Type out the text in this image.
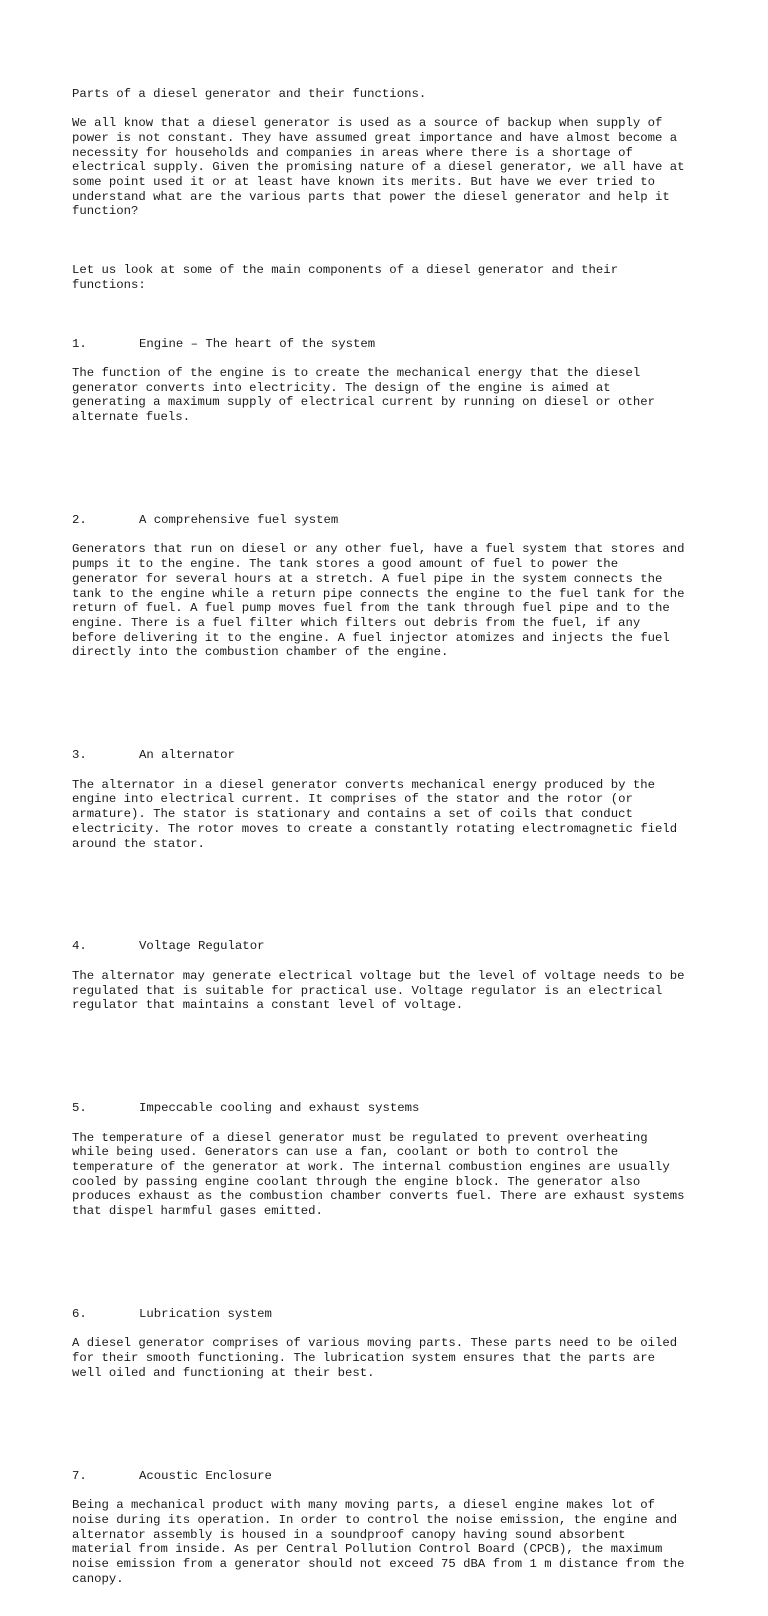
Parts of a diesel generator and their functions.

We all know that a diesel generator is used as a source of backup when supply of
power is not constant. They have assumed great importance and have almost become a
necessity for households and companies in areas where there is a shortage of
electrical supply. Given the promising nature of a diesel generator, we all have at
some point used it or at least have known its merits. But have we ever tried to
understand what are the various parts that power the diesel generator and help it
function?

Let us look at some of the main components of a diesel generator and their
functions:

1.	Engine – The heart of the system

The function of the engine is to create the mechanical energy that the diesel
generator converts into electricity. The design of the engine is aimed at
generating a maximum supply of electrical current by running on diesel or other
alternate fuels.

2.	A comprehensive fuel system

Generators that run on diesel or any other fuel, have a fuel system that stores and
pumps it to the engine. The tank stores a good amount of fuel to power the
generator for several hours at a stretch. A fuel pipe in the system connects the
tank to the engine while a return pipe connects the engine to the fuel tank for the
return of fuel. A fuel pump moves fuel from the tank through fuel pipe and to the
engine. There is a fuel filter which filters out debris from the fuel, if any
before delivering it to the engine. A fuel injector atomizes and injects the fuel
directly into the combustion chamber of the engine.

3.	An alternator

The alternator in a diesel generator converts mechanical energy produced by the
engine into electrical current. It comprises of the stator and the rotor (or
armature). The stator is stationary and contains a set of coils that conduct
electricity. The rotor moves to create a constantly rotating electromagnetic field
around the stator.

4.	Voltage Regulator

The alternator may generate electrical voltage but the level of voltage needs to be
regulated that is suitable for practical use. Voltage regulator is an electrical
regulator that maintains a constant level of voltage.

5.	Impeccable cooling and exhaust systems

The temperature of a diesel generator must be regulated to prevent overheating
while being used. Generators can use a fan, coolant or both to control the
temperature of the generator at work. The internal combustion engines are usually
cooled by passing engine coolant through the engine block. The generator also
produces exhaust as the combustion chamber converts fuel. There are exhaust systems
that dispel harmful gases emitted.

6.	Lubrication system

A diesel generator comprises of various moving parts. These parts need to be oiled
for their smooth functioning. The lubrication system ensures that the parts are
well oiled and functioning at their best.

7.	Acoustic Enclosure

Being a mechanical product with many moving parts, a diesel engine makes lot of
noise during its operation. In order to control the noise emission, the engine and
alternator assembly is housed in a soundproof canopy having sound absorbent
material from inside. As per Central Pollution Control Board (CPCB), the maximum
noise emission from a generator should not exceed 75 dBA from 1 m distance from the
canopy.
